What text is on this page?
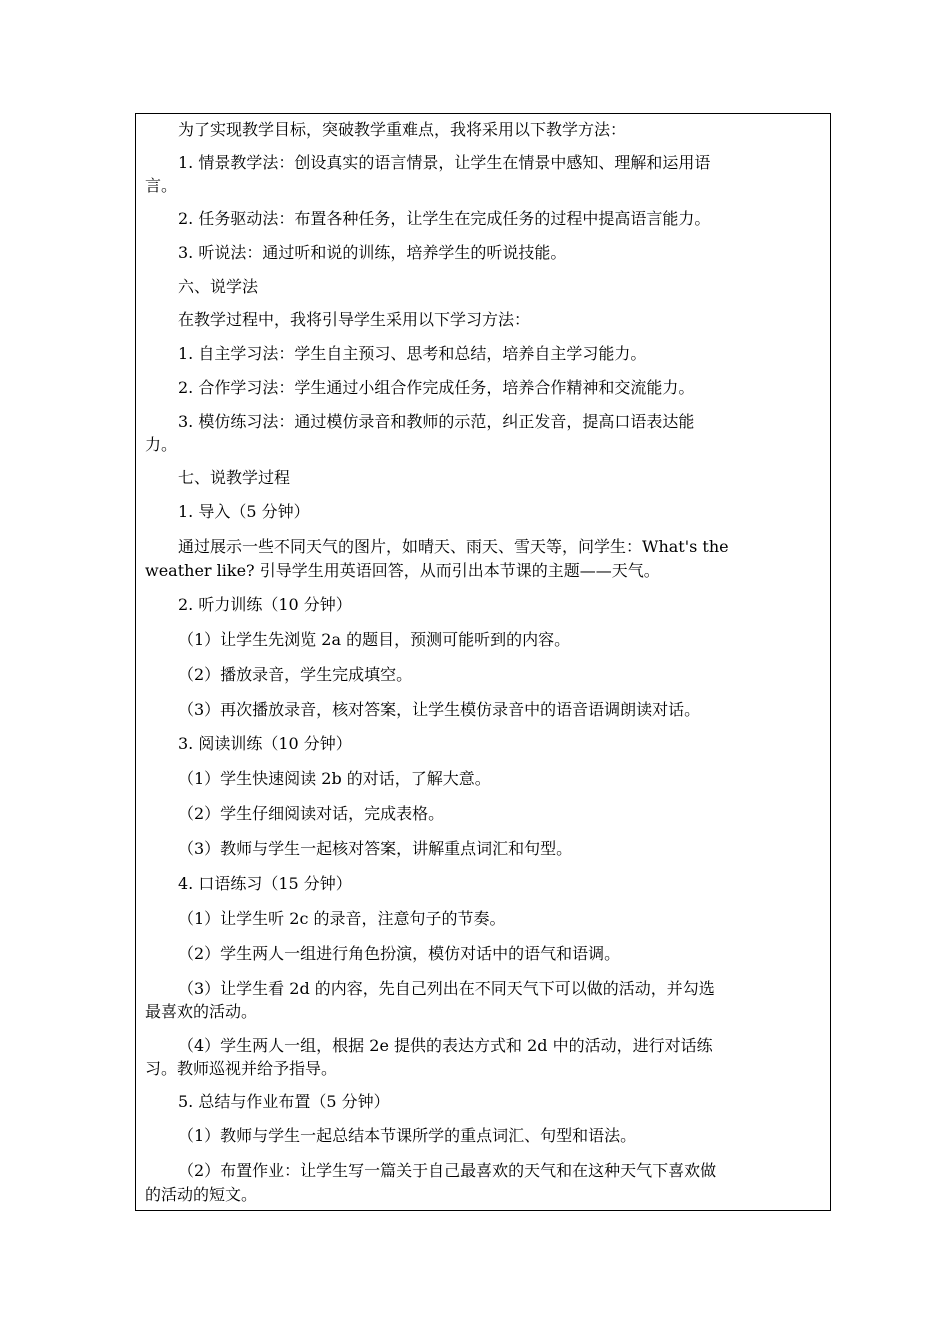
为了实现教学目标，突破教学重难点，我将采用以下教学方法：
1. 情景教学法：创设真实的语言情景，让学生在情景中感知、理解和运用语
言。
2. 任务驱动法：布置各种任务，让学生在完成任务的过程中提高语言能力。
3. 听说法：通过听和说的训练，培养学生的听说技能。
六、说学法
在教学过程中，我将引导学生采用以下学习方法：
1. 自主学习法：学生自主预习、思考和总结，培养自主学习能力。
2. 合作学习法：学生通过小组合作完成任务，培养合作精神和交流能力。
3. 模仿练习法：通过模仿录音和教师的示范，纠正发音，提高口语表达能
力。
七、说教学过程
1. 导入（5 分钟）
通过展示一些不同天气的图片，如晴天、雨天、雪天等，问学生：What's the
weather like? 引导学生用英语回答，从而引出本节课的主题——天气。
2. 听力训练（10 分钟）
（1）让学生先浏览 2a 的题目，预测可能听到的内容。
（2）播放录音，学生完成填空。
（3）再次播放录音，核对答案，让学生模仿录音中的语音语调朗读对话。
3. 阅读训练（10 分钟）
（1）学生快速阅读 2b 的对话，了解大意。
（2）学生仔细阅读对话，完成表格。
（3）教师与学生一起核对答案，讲解重点词汇和句型。
4. 口语练习（15 分钟）
（1）让学生听 2c 的录音，注意句子的节奏。
（2）学生两人一组进行角色扮演，模仿对话中的语气和语调。
（3）让学生看 2d 的内容，先自己列出在不同天气下可以做的活动，并勾选
最喜欢的活动。
（4）学生两人一组，根据 2e 提供的表达方式和 2d 中的活动，进行对话练
习。教师巡视并给予指导。
5. 总结与作业布置（5 分钟）
（1）教师与学生一起总结本节课所学的重点词汇、句型和语法。
（2）布置作业：让学生写一篇关于自己最喜欢的天气和在这种天气下喜欢做
的活动的短文。
